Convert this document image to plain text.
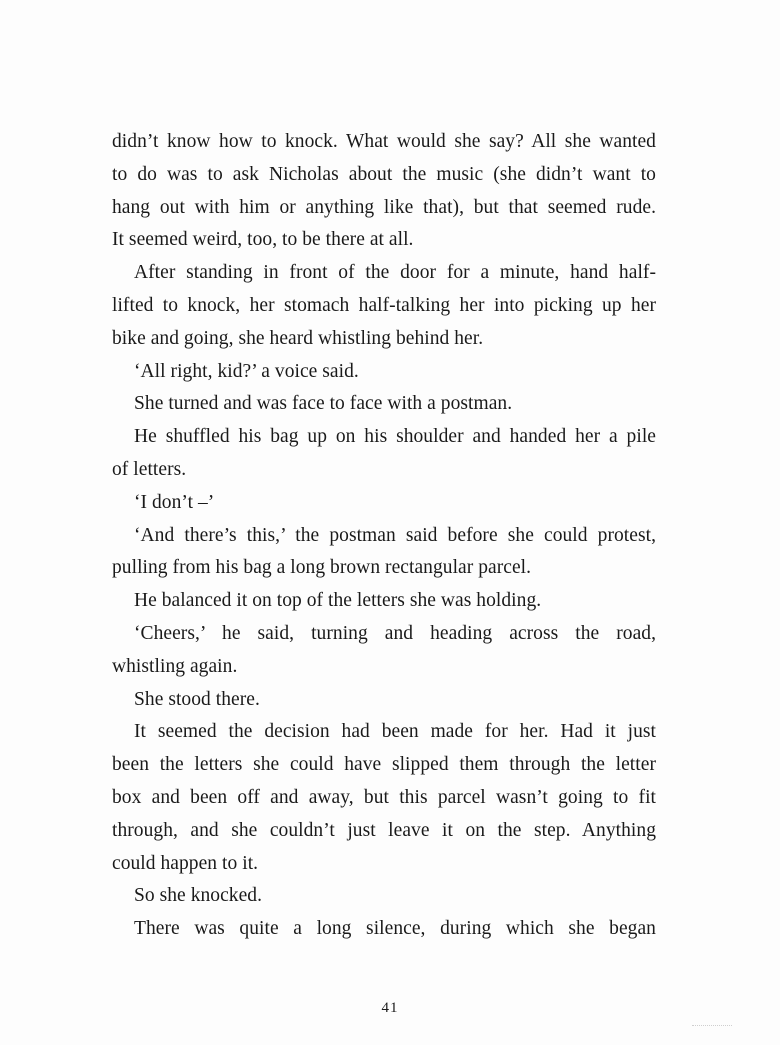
didn’t know how to knock. What would she say? All she wanted
to do was to ask Nicholas about the music (she didn’t want to
hang out with him or anything like that), but that seemed rude.
It seemed weird, too, to be there at all.
After standing in front of the door for a minute, hand half-
lifted to knock, her stomach half-talking her into picking up her
bike and going, she heard whistling behind her.
‘All right, kid?’ a voice said.
She turned and was face to face with a postman.
He shuffled his bag up on his shoulder and handed her a pile
of letters.
‘I don’t –’
‘And there’s this,’ the postman said before she could protest,
pulling from his bag a long brown rectangular parcel.
He balanced it on top of the letters she was holding.
‘Cheers,’ he said, turning and heading across the road,
whistling again.
She stood there.
It seemed the decision had been made for her. Had it just
been the letters she could have slipped them through the letter
box and been off and away, but this parcel wasn’t going to fit
through, and she couldn’t just leave it on the step. Anything
could happen to it.
So she knocked.
There was quite a long silence, during which she began
41
